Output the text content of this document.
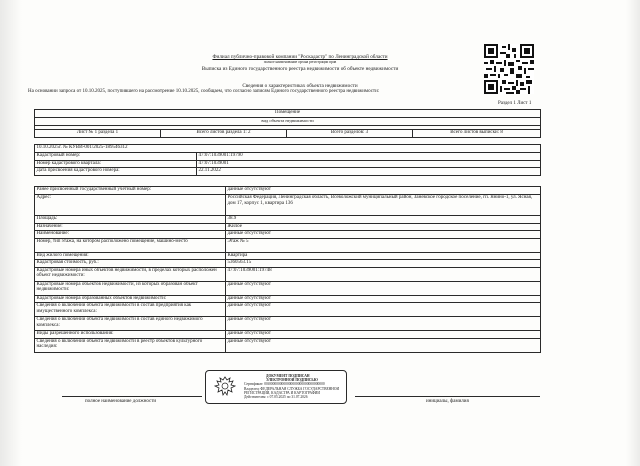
Филиал публично-правовой компании "Роскадастр" по Ленинградской области
полное наименование органа регистрации прав
Выписка из Единого государственного реестра недвижимости об объекте недвижимости
Сведения о характеристиках объекта недвижимости
На основании запроса от 10.10.2025, поступившего на рассмотрение 10.10.2025, сообщаем, что согласно записям Единого государственного реестра недвижимости:
Раздел 1 Лист 1
Помещение
вид объекта недвижимости

Лист № 1 раздела 1	Всего листов раздела 1: 2	Всего разделов: 3	Всего листов выписки: 8
10.10.2025г. № КУВИ-001/2025-189546312	
Кадастровый номер:	47:07:1039001:19790
Номер кадастрового квартала:	47:07:1039001
Дата присвоения кадастрового номера:	22.11.2022
Ранее присвоенный государственный учетный номер:	данные отсутствуют
Адрес:	Российская Федерация, Ленинградская область, Всеволожский муниципальный район, Заневское городское поселение, гп. Янино-1, ул. Ясная, дом 17, корпус 1, квартира 136
Площадь:	38.9
Назначение:	Жилое
Наименование:	данные отсутствуют
Номер, тип этажа, на котором расположено помещение, машино-место	Этаж № 5
Вид жилого помещения:	Квартира
Кадастровая стоимость, руб.:	5360563.15
Кадастровые номера иных объектов недвижимости, в пределах которых расположен объект недвижимости:	47:07:1039001:19748
Кадастровые номера объектов недвижимости, из которых образован объект недвижимости:	данные отсутствуют
Кадастровые номера образованных объектов недвижимости:	данные отсутствуют
Сведения о включении объекта недвижимости в состав предприятия как имущественного комплекса:	данные отсутствуют
Сведения о включении объекта недвижимости в состав единого недвижимого комплекса:	данные отсутствуют
Виды разрешенного использования:	данные отсутствуют
Сведения о включении объекта недвижимости в реестр объектов культурного наследия:	данные отсутствуют
ДОКУМЕНТ ПОДПИСАН
ЭЛЕКТРОННОЙ ПОДПИСЬЮ
Сертификат: 00f0000000000000000000000000000000
Владелец: ФЕДЕРАЛЬНАЯ СЛУЖБА ГОСУДАРСТВЕННОЙ
РЕГИСТРАЦИИ, КАДАСТРА И КАРТОГРАФИИ
Действителен: с 07.05.2025 по 31.07.2026
полное наименование должности	инициалы, фамилия
